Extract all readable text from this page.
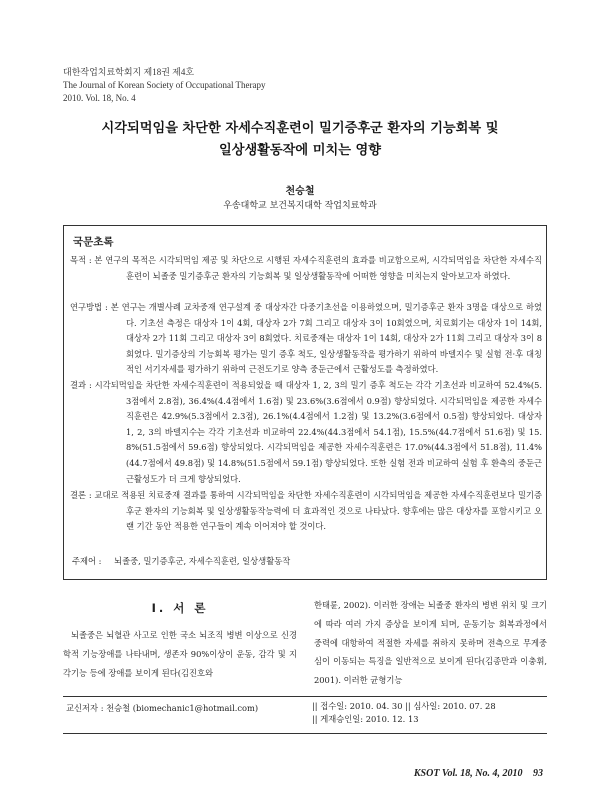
대한작업치료학회지 제18권 제4호
The Journal of Korean Society of Occupational Therapy
2010. Vol. 18, No. 4
시각되먹임을 차단한 자세수직훈련이 밀기증후군 환자의 기능회복 및
일상생활동작에 미치는 영향
천승철
우송대학교 보건복지대학 작업치료학과
국문초록
목적 : 본 연구의 목적은 시각되먹임 제공 및 차단으로 시행된 자세수직훈련의 효과를 비교함으로써, 시각되먹임을 차단한 자세수직훈련이 뇌졸중 밀기증후군 환자의 기능회복 및 일상생활동작에 어떠한 영향을 미치는지 알아보고자 하였다.
연구방법 : 본 연구는 개별사례 교차중재 연구설계 중 대상자간 다중기초선을 이용하였으며, 밀기증후군 환자 3명을 대상으로 하였다. 기초선 측정은 대상자 1이 4회, 대상자 2가 7회 그리고 대상자 3이 10회였으며, 치료회기는 대상자 1이 14회, 대상자 2가 11회 그리고 대상자 3이 8회였다. 치료중재는 대상자 1이 14회, 대상자 2가 11회 그리고 대상자 3이 8회였다. 밀기증상의 기능회복 평가는 밀기 증후 척도, 일상생활동작을 평가하기 위하여 바델지수 및 실험 전·후 대칭적인 서기자세를 평가하기 위하여 근전도기로 양측 중둔근에서 근활성도를 측정하였다.
결과 : 시각되먹임을 차단한 자세수직훈련이 적용되었을 때 대상자 1, 2, 3의 밀기 증후 척도는 각각 기초선과 비교하여 52.4%(5.3점에서 2.8점), 36.4%(4.4점에서 1.6점) 및 23.6%(3.6점에서 0.9점) 향상되었다. 시각되먹임을 제공한 자세수직훈련은 42.9%(5.3점에서 2.3점), 26.1%(4.4점에서 1.2점) 및 13.2%(3.6점에서 0.5점) 향상되었다. 대상자 1, 2, 3의 바델지수는 각각 기초선과 비교하여 22.4%(44.3점에서 54.1점), 15.5%(44.7점에서 51.6점) 및 15.8%(51.5점에서 59.6점) 향상되었다. 시각되먹임을 제공한 자세수직훈련은 17.0%(44.3점에서 51.8점), 11.4%(44.7점에서 49.8점) 및 14.8%(51.5점에서 59.1점) 향상되었다. 또한 실험 전과 비교하여 실험 후 환측의 중둔근 근활성도가 더 크게 향상되었다.
결론 : 교대로 적용된 치료중재 결과를 통하여 시각되먹임을 차단한 자세수직훈련이 시각되먹임을 제공한 자세수직훈련보다 밀기증후군 환자의 기능회복 및 일상생활동작능력에 더 효과적인 것으로 나타났다. 향후에는 많은 대상자를 포함시키고 오랜 기간 동안 적용한 연구들이 계속 이어져야 할 것이다.
주제어 : 뇌졸중, 밀기증후군, 자세수직훈련, 일상생활동작
Ⅰ. 서 론
뇌졸중은 뇌혈관 사고로 인한 국소 뇌조직 병변 이상으로 신경학적 기능장애를 나타내며, 생존자 90%이상이 운동, 감각 및 지각기능 등에 장애를 보이게 된다(김진호와
한태륜, 2002). 이러한 장애는 뇌졸중 환자의 병변 위치 및 크기에 따라 여러 가지 증상을 보이게 되며, 운동기능 회복과정에서 중력에 대항하여 적절한 자세를 취하지 못하며 전측으로 무게중심이 이동되는 특징을 일반적으로 보이게 된다(김종만과 이충휘, 2001). 이러한 균형기능
교신저자 : 천승철 (biomechanic1@hotmail.com)	|| 접수일: 2010. 04. 30 || 심사일: 2010. 07. 28
|| 게재승인일: 2010. 12. 13
KSOT Vol. 18, No. 4, 2010 93
